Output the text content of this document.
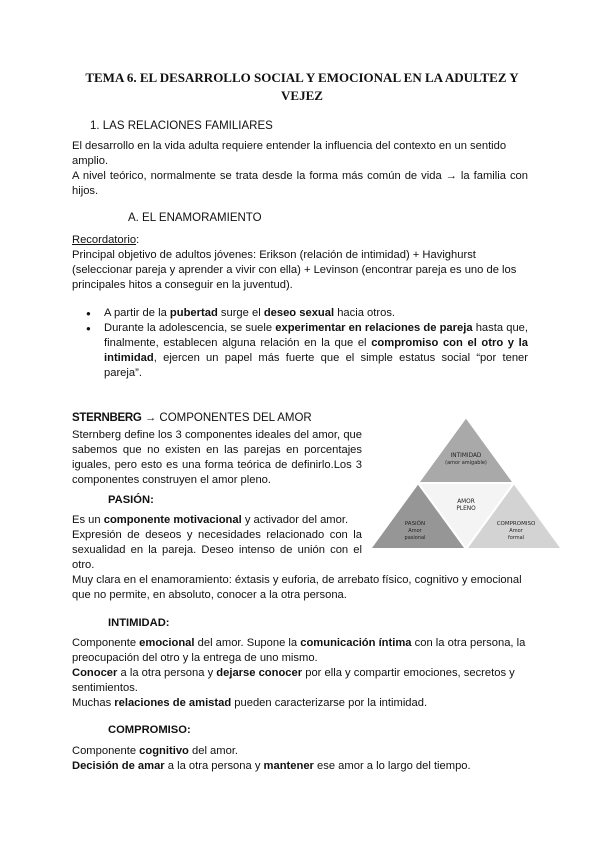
TEMA 6. EL DESARROLLO SOCIAL Y EMOCIONAL EN LA ADULTEZ Y VEJEZ
1. LAS RELACIONES FAMILIARES
El desarrollo en la vida adulta requiere entender la influencia del contexto en un sentido amplio.
A nivel teórico, normalmente se trata desde la forma más común de vida → la familia con hijos.
A. EL ENAMORAMIENTO
Recordatorio:
Principal objetivo de adultos jóvenes: Erikson (relación de intimidad) + Havighurst (seleccionar pareja y aprender a vivir con ella) + Levinson (encontrar pareja es uno de los principales hitos a conseguir en la juventud).
● A partir de la pubertad surge el deseo sexual hacia otros.
● Durante la adolescencia, se suele experimentar en relaciones de pareja hasta que, finalmente, establecen alguna relación en la que el compromiso con el otro y la intimidad, ejercen un papel más fuerte que el simple estatus social “por tener pareja”.
STERNBERG → COMPONENTES DEL AMOR
Sternberg define los 3 componentes ideales del amor, que sabemos que no existen en las parejas en porcentajes iguales, pero esto es una forma teórica de definirlo.Los 3 componentes construyen el amor pleno.
PASIÓN:
Es un componente motivacional y activador del amor.
Expresión de deseos y necesidades relacionado con la sexualidad en la pareja. Deseo intenso de unión con el otro.
Muy clara en el enamoramiento: éxtasis y euforia, de arrebato físico, cognitivo y emocional que no permite, en absoluto, conocer a la otra persona.
INTIMIDAD:
Componente emocional del amor. Supone la comunicación íntima con la otra persona, la preocupación del otro y la entrega de uno mismo.
Conocer a la otra persona y dejarse conocer por ella y compartir emociones, secretos y sentimientos.
Muchas relaciones de amistad pueden caracterizarse por la intimidad.
COMPROMISO:
Componente cognitivo del amor.
Decisión de amar a la otra persona y mantener ese amor a lo largo del tiempo.
INTIMIDAD
(amor amigable)
AMOR
PLENO
PASIÓN
Amor
pasional
COMPROMISO
Amor
formal
